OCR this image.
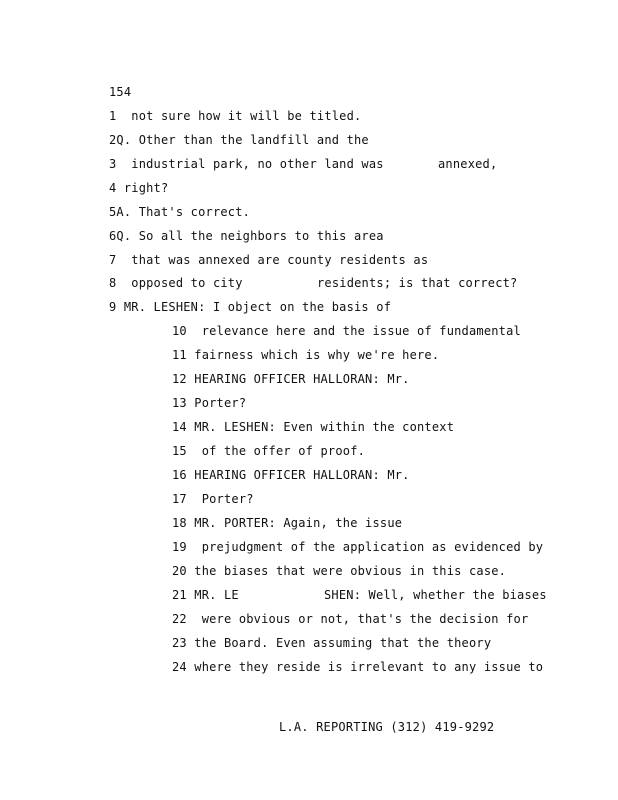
154
1  not sure how it will be titled.
2Q. Other than the landfill and the
3  industrial park, no other land was	annexed,
4 right?
5A. That's correct.
6Q. So all the neighbors to this area
7  that was annexed are county residents as
8  opposed to city	residents; is that correct?
9 MR. LESHEN: I object on the basis of
10  relevance here and the issue of fundamental
11 fairness which is why we're here.
12 HEARING OFFICER HALLORAN: Mr.
13 Porter?
14 MR. LESHEN: Even within the context
15  of the offer of proof.
16 HEARING OFFICER HALLORAN: Mr.
17  Porter?
18 MR. PORTER: Again, the issue
19  prejudgment of the application as evidenced by
20 the biases that were obvious in this case.
21 MR. LE	SHEN: Well, whether the biases
22  were obvious or not, that's the decision for
23 the Board. Even assuming that the theory
24 where they reside is irrelevant to any issue to
L.A. REPORTING (312) 419-9292
